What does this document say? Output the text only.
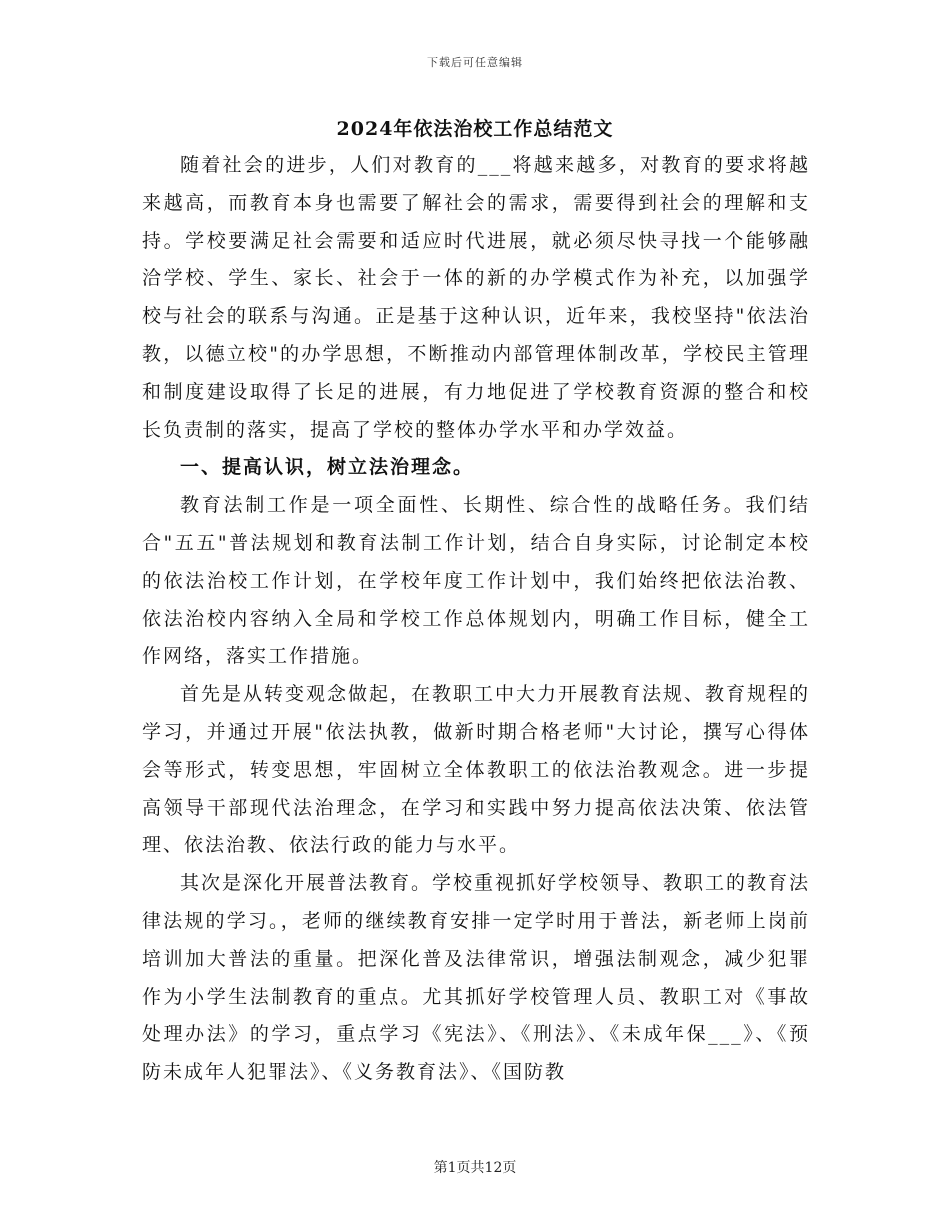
下载后可任意编辑
2024年依法治校工作总结范文

随着社会的进步，人们对教育的___将越来越多，对教育的要求将越来越高，而教育本身也需要了解社会的需求，需要得到社会的理解和支持。学校要满足社会需要和适应时代进展，就必须尽快寻找一个能够融洽学校、学生、家长、社会于一体的新的办学模式作为补充，以加强学校与社会的联系与沟通。正是基于这种认识，近年来，我校坚持"依法治教，以德立校"的办学思想，不断推动内部管理体制改革，学校民主管理和制度建设取得了长足的进展，有力地促进了学校教育资源的整合和校长负责制的落实，提高了学校的整体办学水平和办学效益。

一、提高认识，树立法治理念。

教育法制工作是一项全面性、长期性、综合性的战略任务。我们结合"五五"普法规划和教育法制工作计划，结合自身实际，讨论制定本校的依法治校工作计划，在学校年度工作计划中，我们始终把依法治教、依法治校内容纳入全局和学校工作总体规划内，明确工作目标，健全工作网络，落实工作措施。

首先是从转变观念做起，在教职工中大力开展教育法规、教育规程的学习，并通过开展"依法执教，做新时期合格老师"大讨论，撰写心得体会等形式，转变思想，牢固树立全体教职工的依法治教观念。进一步提高领导干部现代法治理念，在学习和实践中努力提高依法决策、依法管理、依法治教、依法行政的能力与水平。

其次是深化开展普法教育。学校重视抓好学校领导、教职工的教育法律法规的学习。，老师的继续教育安排一定学时用于普法，新老师上岗前培训加大普法的重量。把深化普及法律常识，增强法制观念，减少犯罪作为小学生法制教育的重点。尤其抓好学校管理人员、教职工对《事故处理办法》的学习，重点学习《宪法》、《刑法》、《未成年保___》、《预防未成年人犯罪法》、《义务教育法》、《国防教

第1页共12页
